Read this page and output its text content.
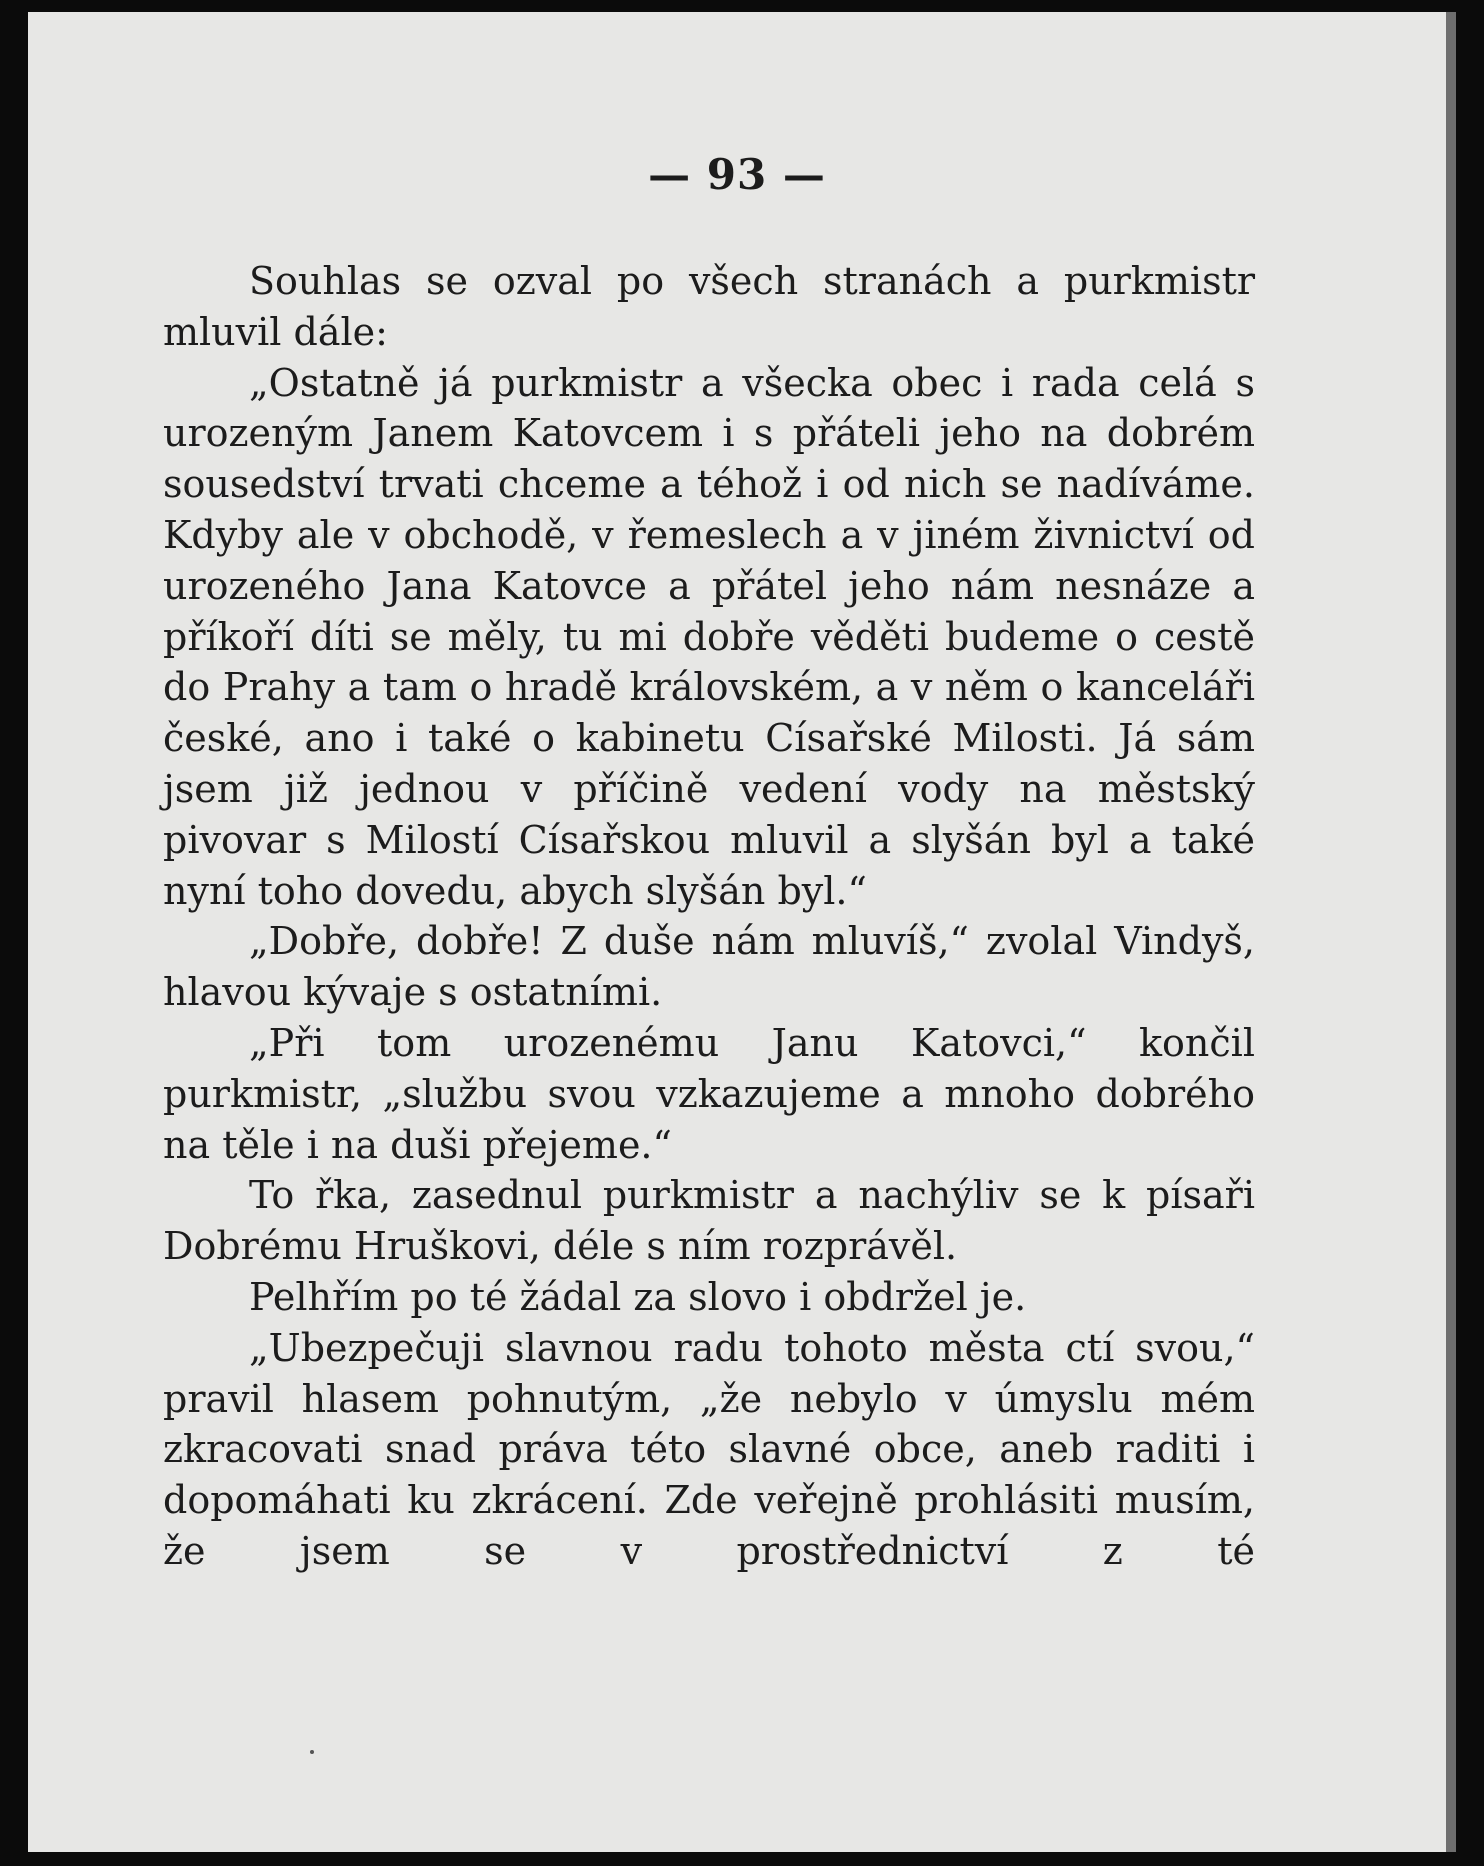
— 93 —

Souhlas se ozval po všech stranách a purkmistr mluvil dále:

„Ostatně já purkmistr a všecka obec i rada celá s urozeným Janem Katovcem i s přáteli jeho na dobrém sousedství trvati chceme a téhož i od nich se nadíváme. Kdyby ale v obchodě, v řemeslech a v jiném živnictví od urozeného Jana Katovce a přátel jeho nám nesnáze a příkoří díti se měly, tu mi dobře věděti budeme o cestě do Prahy a tam o hradě královském, a v něm o kanceláři české, ano i také o kabinetu Císařské Milosti. Já sám jsem již jednou v příčině vedení vody na městský pivovar s Milostí Císařskou mluvil a slyšán byl a také nyní toho dovedu, abych slyšán byl.“

„Dobře, dobře! Z duše nám mluvíš,“ zvolal Vindyš, hlavou kývaje s ostatními.

„Při tom urozenému Janu Katovci,“ končil purkmistr, „službu svou vzkazujeme a mnoho dobrého na těle i na duši přejeme.“

To řka, zasednul purkmistr a nachýliv se k písaři Dobrému Hruškovi, déle s ním rozprávěl.

Pelhřím po té žádal za slovo i obdržel je.

„Ubezpečuji slavnou radu tohoto města ctí svou,“ pravil hlasem pohnutým, „že nebylo v úmyslu mém zkracovati snad práva této slavné obce, aneb raditi i dopomáhati ku zkrácení. Zde veřejně prohlásiti musím, že jsem se v prostřednictví z té
